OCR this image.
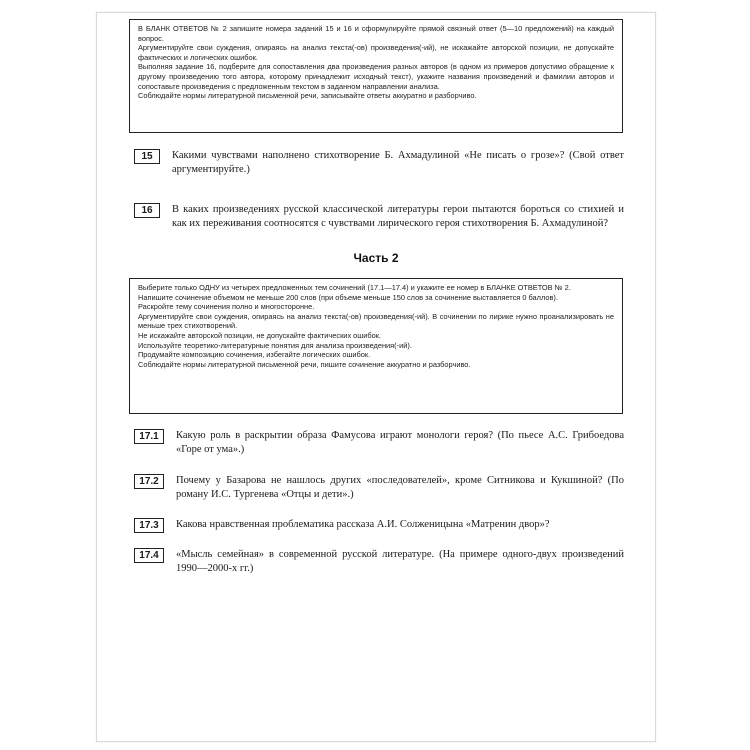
В БЛАНК ОТВЕТОВ № 2 запишите номера заданий 15 и 16 и сформулируйте прямой связный ответ (5—10 предложений) на каждый вопрос.

Аргументируйте свои суждения, опираясь на анализ текста(-ов) произведения(-ий), не искажайте авторской позиции, не допускайте фактических и логических ошибок.

Выполняя задание 16, подберите для сопоставления два произведения разных авторов (в одном из примеров допустимо обращение к другому произведению того автора, которому принадлежит исходный текст), укажите названия произведений и фамилии авторов и сопоставьте произведения с предложенным текстом в заданном направлении анализа.

Соблюдайте нормы литературной письменной речи, записывайте ответы аккуратно и разборчиво.

15	Какими чувствами наполнено стихотворение Б. Ахмадулиной «Не писать о грозе»? (Свой ответ аргументируйте.)
16	В каких произведениях русской классической литературы герои пытаются бороться со стихией и как их переживания соотносятся с чувствами лирического героя стихотворения Б. Ахмадулиной?
Часть 2

Выберите только ОДНУ из четырех предложенных тем сочинений (17.1—17.4) и укажите ее номер в БЛАНКЕ ОТВЕТОВ № 2.

Напишите сочинение объемом не меньше 200 слов (при объеме меньше 150 слов за сочинение выставляется 0 баллов).

Раскройте тему сочинения полно и многосторонне.

Аргументируйте свои суждения, опираясь на анализ текста(-ов) произведения(-ий). В сочинении по лирике нужно проанализировать не меньше трех стихотворений.

Не искажайте авторской позиции, не допускайте фактических ошибок.

Используйте теоретико-литературные понятия для анализа произведения(-ий).

Продумайте композицию сочинения, избегайте логических ошибок.

Соблюдайте нормы литературной письменной речи, пишите сочинение аккуратно и разборчиво.

17.1	Какую роль в раскрытии образа Фамусова играют монологи героя? (По пьесе А.С. Грибоедова «Горе от ума».)
17.2	Почему у Базарова не нашлось других «последователей», кроме Ситникова и Кукшиной? (По роману И.С. Тургенева «Отцы и дети».)
17.3	Какова нравственная проблематика рассказа А.И. Солженицына «Матренин двор»?
17.4	«Мысль семейная» в современной русской литературе. (На примере одного-двух произведений 1990—2000-х гг.)
